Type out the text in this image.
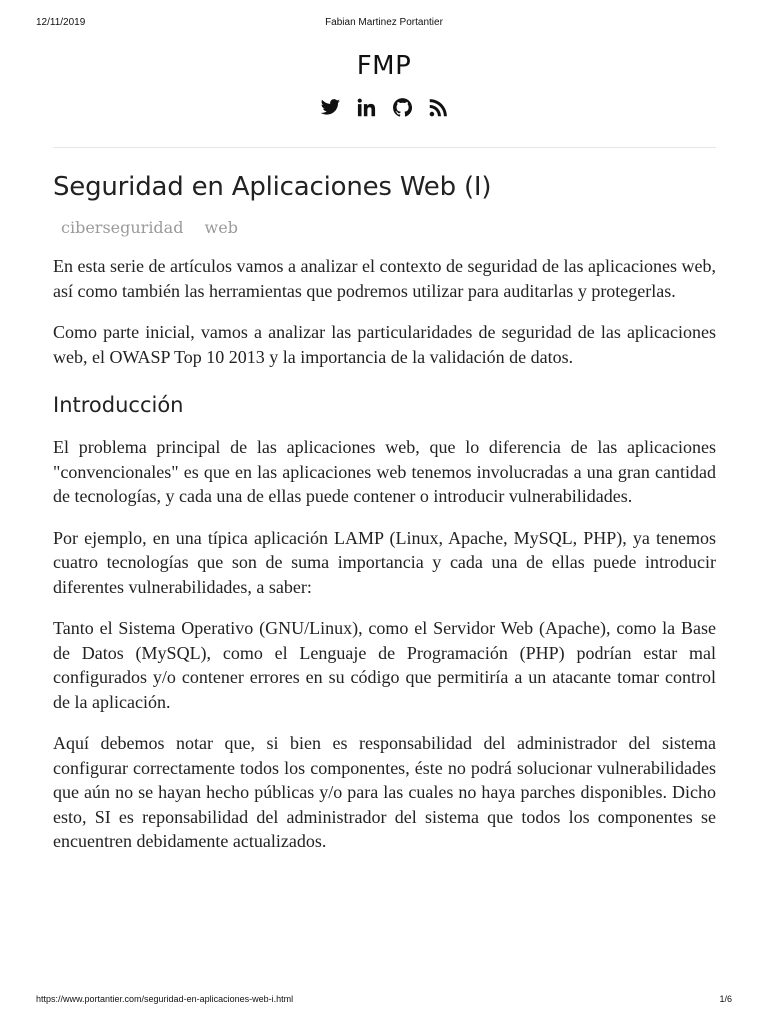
12/11/2019	Fabian Martinez Portantier
FMP
Seguridad en Aplicaciones Web (I)
ciberseguridad web

En esta serie de artículos vamos a analizar el contexto de seguridad de las aplicaciones web, así como también las herramientas que podremos utilizar para auditarlas y protegerlas.

Como parte inicial, vamos a analizar las particularidades de seguridad de las aplicaciones web, el OWASP Top 10 2013 y la importancia de la validación de datos.

Introducción

El problema principal de las aplicaciones web, que lo diferencia de las aplicaciones "convencionales" es que en las aplicaciones web tenemos involucradas a una gran cantidad de tecnologías, y cada una de ellas puede contener o introducir vulnerabilidades.

Por ejemplo, en una típica aplicación LAMP (Linux, Apache, MySQL, PHP), ya tenemos cuatro tecnologías que son de suma importancia y cada una de ellas puede introducir diferentes vulnerabilidades, a saber:

Tanto el Sistema Operativo (GNU/Linux), como el Servidor Web (Apache), como la Base de Datos (MySQL), como el Lenguaje de Programación (PHP) podrían estar mal configurados y/o contener errores en su código que permitiría a un atacante tomar control de la aplicación.

Aquí debemos notar que, si bien es responsabilidad del administrador del sistema configurar correctamente todos los componentes, éste no podrá solucionar vulnerabilidades que aún no se hayan hecho públicas y/o para las cuales no haya parches disponibles. Dicho esto, SI es reponsabilidad del administrador del sistema que todos los componentes se encuentren debidamente actualizados.

https://www.portantier.com/seguridad-en-aplicaciones-web-i.html	1/6
